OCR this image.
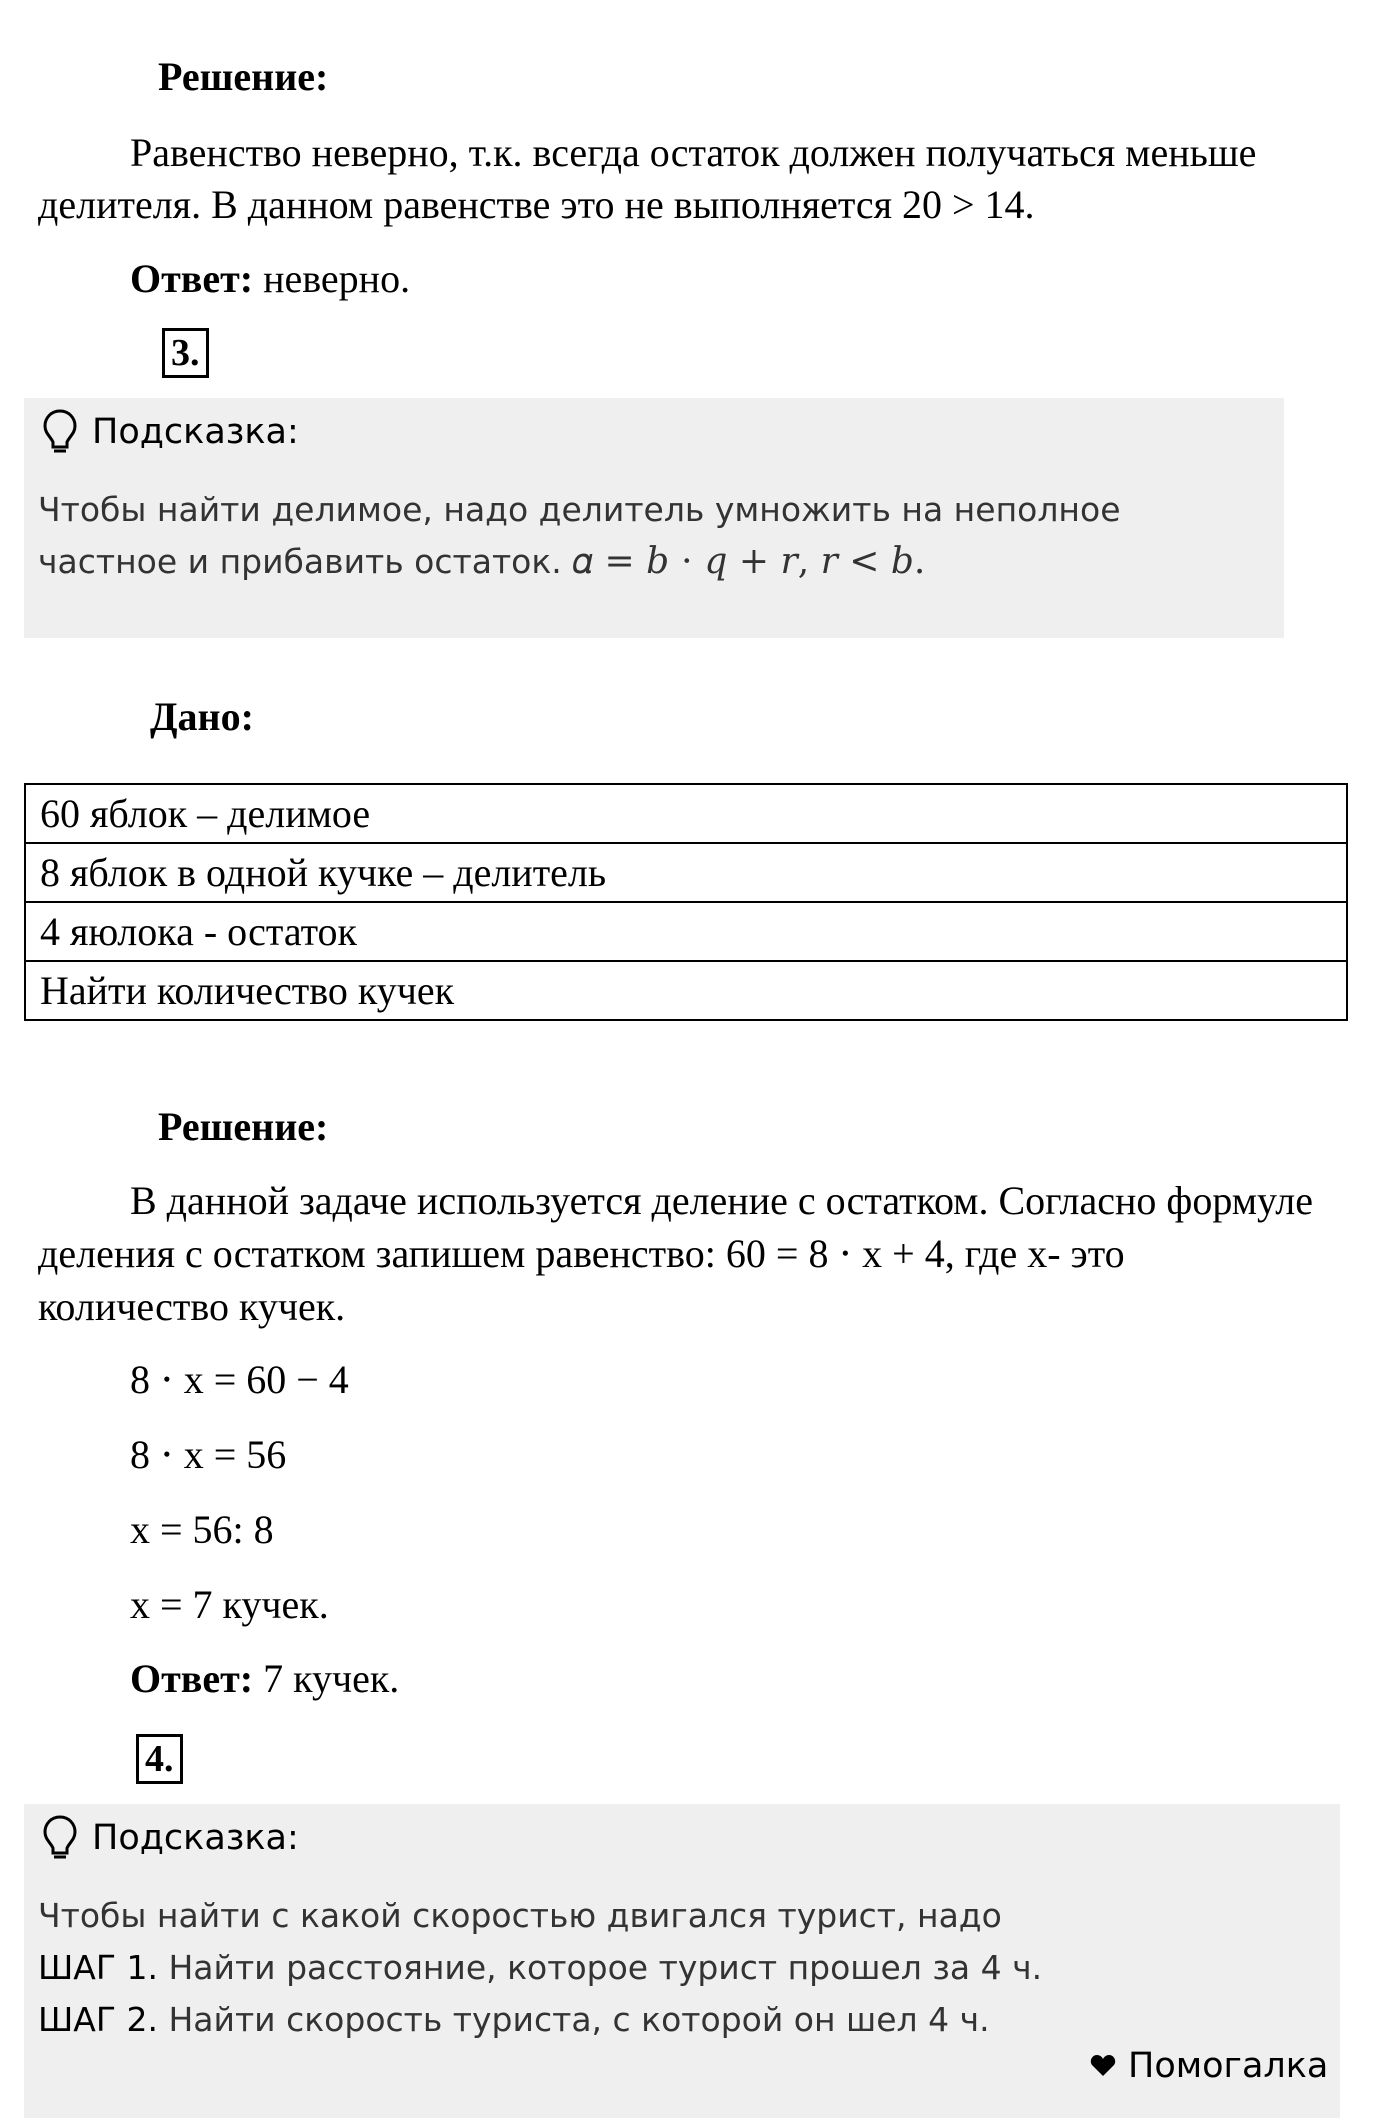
Решение:
Равенство неверно, т.к. всегда остаток должен получаться меньше
делителя. В данном равенстве это не выполняется 20 > 14.
Ответ: неверно.
3.
Подсказка:
Чтобы найти делимое, надо делитель умножить на неполное
частное и прибавить остаток. 𝛼 = 𝑏 ⋅ 𝑞 + 𝑟, 𝑟 < 𝑏.
Дано:
60 яблок – делимое
8 яблок в одной кучке – делитель
4 яюлока - остаток
Найти количество кучек
Решение:
В данной задаче используется деление с остатком. Согласно формуле
деления с остатком запишем равенство: 60 = 8 ⋅ x + 4, где x- это
количество кучек.
8 ⋅ x = 60 − 4
8 ⋅ x = 56
x = 56: 8
x = 7 кучек.
Ответ: 7 кучек.
4.
Подсказка:
Чтобы найти с какой скоростью двигался турист, надо
ШАГ 1. Найти расстояние, которое турист прошел за 4 ч.
ШАГ 2. Найти скорость туриста, с которой он шел 4 ч.
Помогалка
